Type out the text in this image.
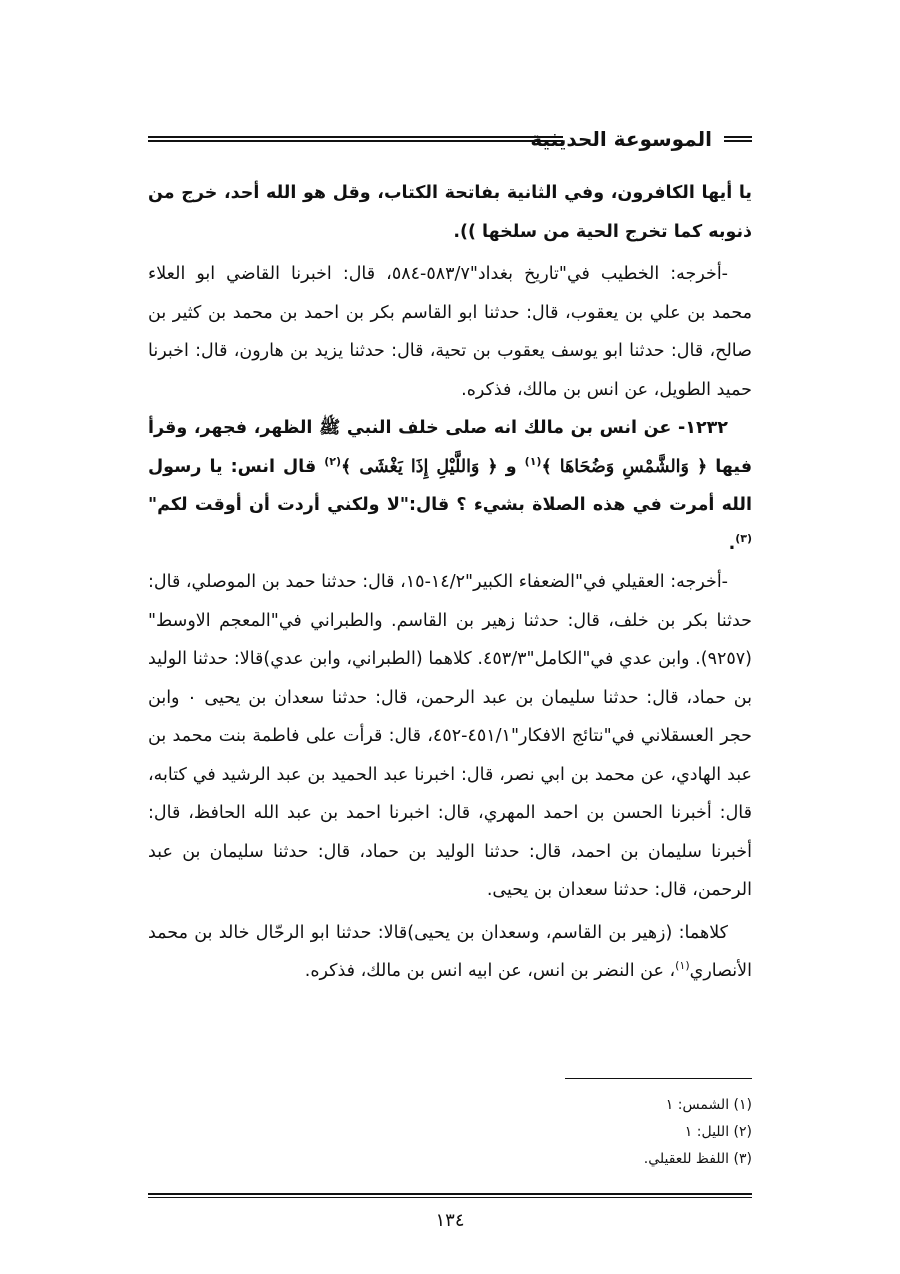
الموسوعة الحديثية

يا أيها الكافرون، وفي الثانية بفاتحة الكتاب، وقل هو الله أحد، خرج من ذنوبه كما تخرج الحية من سلخها )).

-أخرجه: الخطيب في"تاريخ بغداد"٥٨٣/٧-٥٨٤، قال: اخبرنا القاضي ابو العلاء محمد بن علي بن يعقوب، قال: حدثنا ابو القاسم بكر بن احمد بن محمد بن كثير بن صالح، قال: حدثنا ابو يوسف يعقوب بن تحية، قال: حدثنا يزيد بن هارون، قال: اخبرنا حميد الطويل، عن انس بن مالك، فذكره.

١٢٣٢- عن انس بن مالك انه صلى خلف النبي ﷺ الظهر، فجهر، وقرأ فيها ﴿ وَالشَّمْسِ وَضُحَاهَا ﴾$^{(١)}$ و ﴿ وَاللَّيْلِ إِذَا يَغْشَى ﴾$^{(٢)}$ قال انس: يا رسول الله أمرت في هذه الصلاة بشيء ؟ قال:"لا ولكني أردت أن أوقت لكم"$^{(٣)}$.

-أخرجه: العقيلي في"الضعفاء الكبير"١٤/٢-١٥، قال: حدثنا حمد بن الموصلي، قال: حدثنا بكر بن خلف، قال: حدثنا زهير بن القاسم. والطبراني في"المعجم الاوسط"(٩٢٥٧). وابن عدي في"الكامل"٤٥٣/٣. كلاهما (الطبراني، وابن عدي)قالا: حدثنا الوليد بن حماد، قال: حدثنا سليمان بن عبد الرحمن، قال: حدثنا سعدان بن يحيى ٠ وابن حجر العسقلاني في"نتائج الافكار"٤٥١/١-٤٥٢، قال: قرأت على فاطمة بنت محمد بن عبد الهادي، عن محمد بن ابي نصر، قال: اخبرنا عبد الحميد بن عبد الرشيد في كتابه، قال: أخبرنا الحسن بن احمد المهري، قال: اخبرنا احمد بن عبد الله الحافظ، قال: أخبرنا سليمان بن احمد، قال: حدثنا الوليد بن حماد، قال: حدثنا سليمان بن عبد الرحمن، قال: حدثنا سعدان بن يحيى.

كلاهما: (زهير بن القاسم، وسعدان بن يحيى)قالا: حدثنا ابو الرحّال خالد بن محمد الأنصاري$^{(١)}$، عن النضر بن انس، عن ابيه انس بن مالك، فذكره.

(١) الشمس: ١
(٢) الليل: ١
(٣) اللفظ للعقيلي.
١٣٤
